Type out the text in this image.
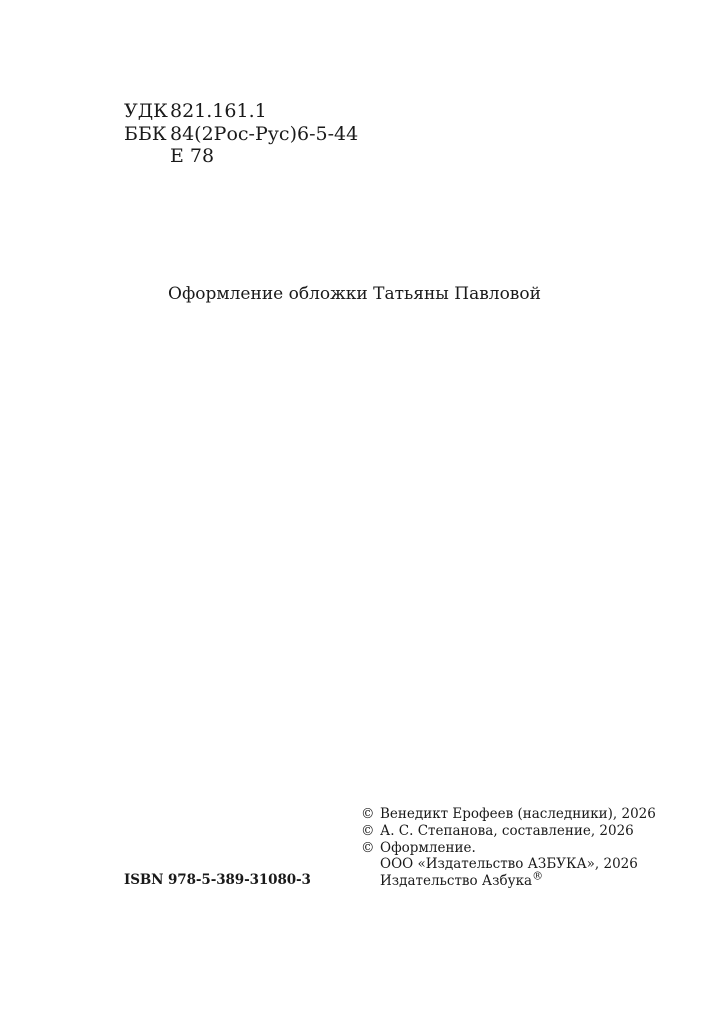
УДК 821.161.1
ББК 84(2Рос-Рус)6-5-44
Е 78
Оформление обложки Татьяны Павловой
ISBN 978-5-389-31080-3
© Венедикт Ерофеев (наследники), 2026
© А. С. Степанова, составление, 2026
© Оформление.
ООО «Издательство АЗБУКА», 2026
Издательство Азбука®
